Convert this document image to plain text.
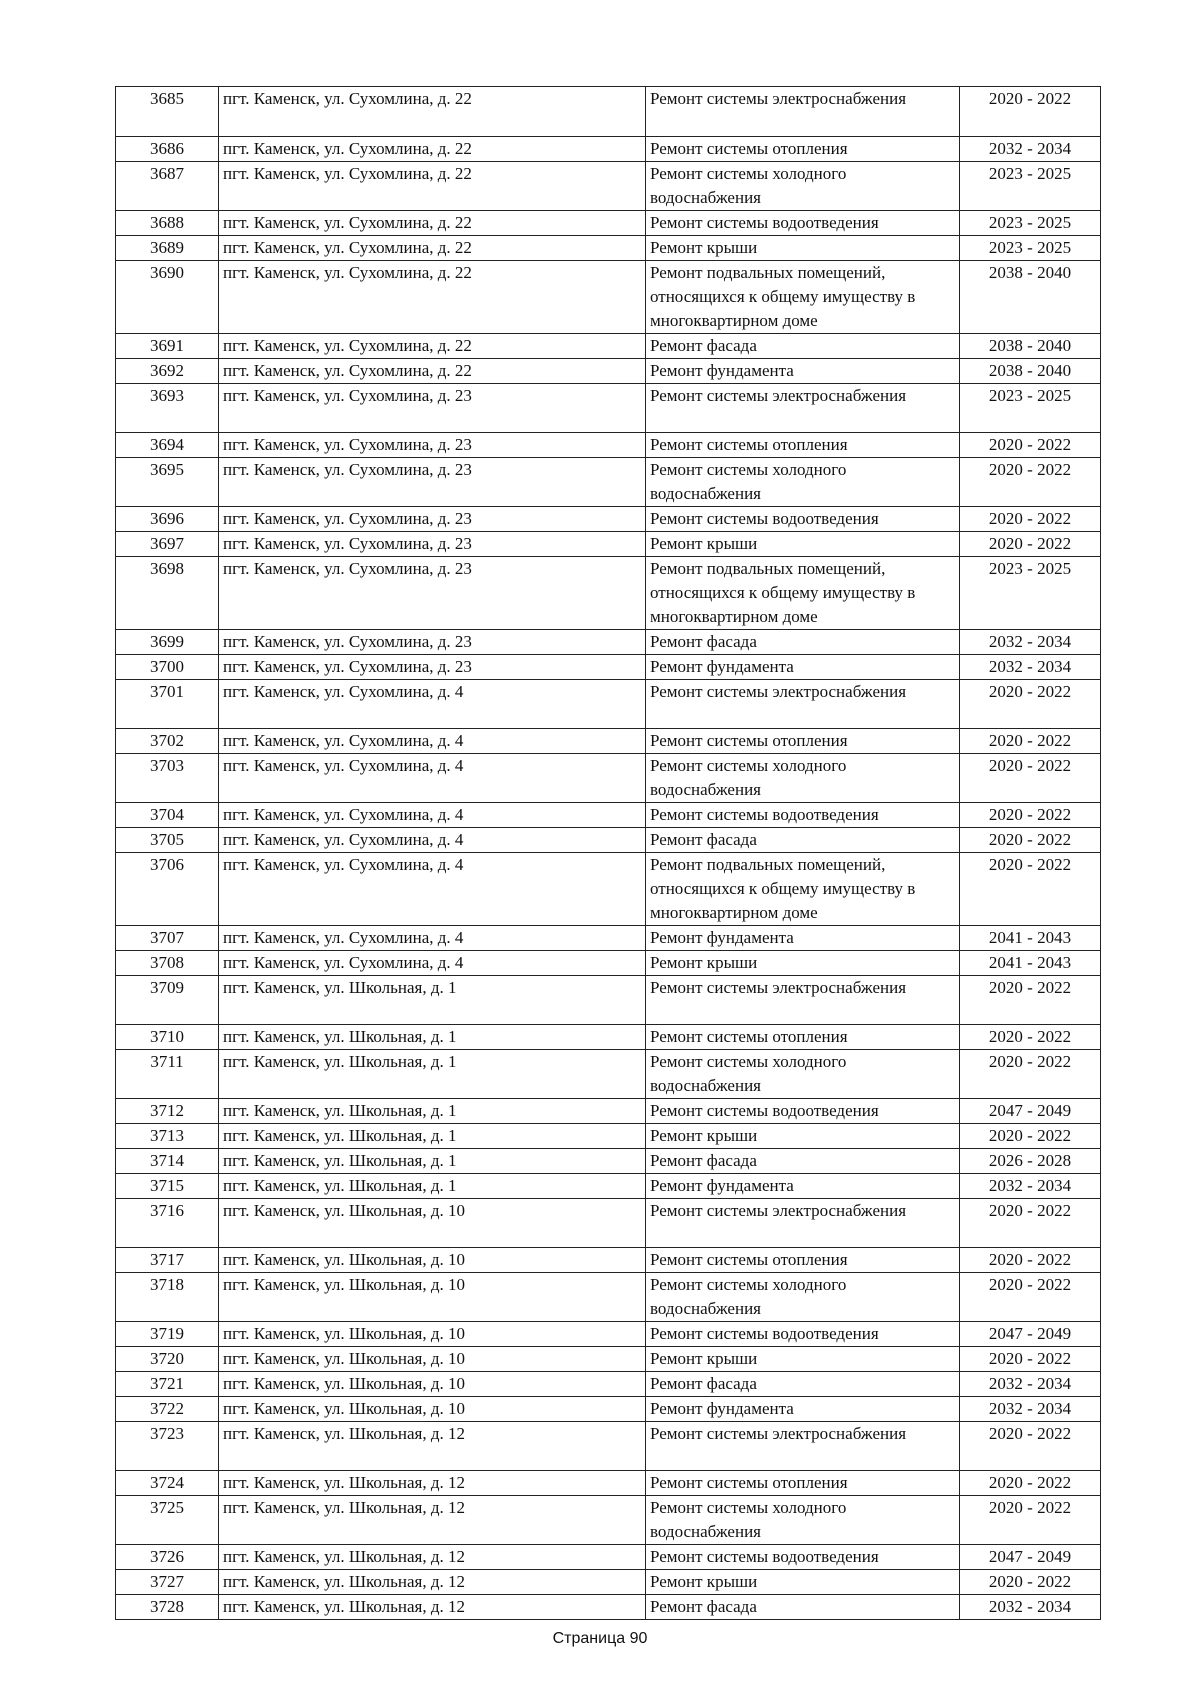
3685	пгт. Каменск, ул. Сухомлина, д. 22	Ремонт системы электроснабжения	2020 - 2022
3686	пгт. Каменск, ул. Сухомлина, д. 22	Ремонт системы отопления	2032 - 2034
3687	пгт. Каменск, ул. Сухомлина, д. 22	Ремонт системы холодного водоснабжения	2023 - 2025
3688	пгт. Каменск, ул. Сухомлина, д. 22	Ремонт системы водоотведения	2023 - 2025
3689	пгт. Каменск, ул. Сухомлина, д. 22	Ремонт крыши	2023 - 2025
3690	пгт. Каменск, ул. Сухомлина, д. 22	Ремонт подвальных помещений, относящихся к общему имуществу в многоквартирном доме	2038 - 2040
3691	пгт. Каменск, ул. Сухомлина, д. 22	Ремонт фасада	2038 - 2040
3692	пгт. Каменск, ул. Сухомлина, д. 22	Ремонт фундамента	2038 - 2040
3693	пгт. Каменск, ул. Сухомлина, д. 23	Ремонт системы электроснабжения	2023 - 2025
3694	пгт. Каменск, ул. Сухомлина, д. 23	Ремонт системы отопления	2020 - 2022
3695	пгт. Каменск, ул. Сухомлина, д. 23	Ремонт системы холодного водоснабжения	2020 - 2022
3696	пгт. Каменск, ул. Сухомлина, д. 23	Ремонт системы водоотведения	2020 - 2022
3697	пгт. Каменск, ул. Сухомлина, д. 23	Ремонт крыши	2020 - 2022
3698	пгт. Каменск, ул. Сухомлина, д. 23	Ремонт подвальных помещений, относящихся к общему имуществу в многоквартирном доме	2023 - 2025
3699	пгт. Каменск, ул. Сухомлина, д. 23	Ремонт фасада	2032 - 2034
3700	пгт. Каменск, ул. Сухомлина, д. 23	Ремонт фундамента	2032 - 2034
3701	пгт. Каменск, ул. Сухомлина, д. 4	Ремонт системы электроснабжения	2020 - 2022
3702	пгт. Каменск, ул. Сухомлина, д. 4	Ремонт системы отопления	2020 - 2022
3703	пгт. Каменск, ул. Сухомлина, д. 4	Ремонт системы холодного водоснабжения	2020 - 2022
3704	пгт. Каменск, ул. Сухомлина, д. 4	Ремонт системы водоотведения	2020 - 2022
3705	пгт. Каменск, ул. Сухомлина, д. 4	Ремонт фасада	2020 - 2022
3706	пгт. Каменск, ул. Сухомлина, д. 4	Ремонт подвальных помещений, относящихся к общему имуществу в многоквартирном доме	2020 - 2022
3707	пгт. Каменск, ул. Сухомлина, д. 4	Ремонт фундамента	2041 - 2043
3708	пгт. Каменск, ул. Сухомлина, д. 4	Ремонт крыши	2041 - 2043
3709	пгт. Каменск, ул. Школьная, д. 1	Ремонт системы электроснабжения	2020 - 2022
3710	пгт. Каменск, ул. Школьная, д. 1	Ремонт системы отопления	2020 - 2022
3711	пгт. Каменск, ул. Школьная, д. 1	Ремонт системы холодного водоснабжения	2020 - 2022
3712	пгт. Каменск, ул. Школьная, д. 1	Ремонт системы водоотведения	2047 - 2049
3713	пгт. Каменск, ул. Школьная, д. 1	Ремонт крыши	2020 - 2022
3714	пгт. Каменск, ул. Школьная, д. 1	Ремонт фасада	2026 - 2028
3715	пгт. Каменск, ул. Школьная, д. 1	Ремонт фундамента	2032 - 2034
3716	пгт. Каменск, ул. Школьная, д. 10	Ремонт системы электроснабжения	2020 - 2022
3717	пгт. Каменск, ул. Школьная, д. 10	Ремонт системы отопления	2020 - 2022
3718	пгт. Каменск, ул. Школьная, д. 10	Ремонт системы холодного водоснабжения	2020 - 2022
3719	пгт. Каменск, ул. Школьная, д. 10	Ремонт системы водоотведения	2047 - 2049
3720	пгт. Каменск, ул. Школьная, д. 10	Ремонт крыши	2020 - 2022
3721	пгт. Каменск, ул. Школьная, д. 10	Ремонт фасада	2032 - 2034
3722	пгт. Каменск, ул. Школьная, д. 10	Ремонт фундамента	2032 - 2034
3723	пгт. Каменск, ул. Школьная, д. 12	Ремонт системы электроснабжения	2020 - 2022
3724	пгт. Каменск, ул. Школьная, д. 12	Ремонт системы отопления	2020 - 2022
3725	пгт. Каменск, ул. Школьная, д. 12	Ремонт системы холодного водоснабжения	2020 - 2022
3726	пгт. Каменск, ул. Школьная, д. 12	Ремонт системы водоотведения	2047 - 2049
3727	пгт. Каменск, ул. Школьная, д. 12	Ремонт крыши	2020 - 2022
3728	пгт. Каменск, ул. Школьная, д. 12	Ремонт фасада	2032 - 2034
Страница 90
